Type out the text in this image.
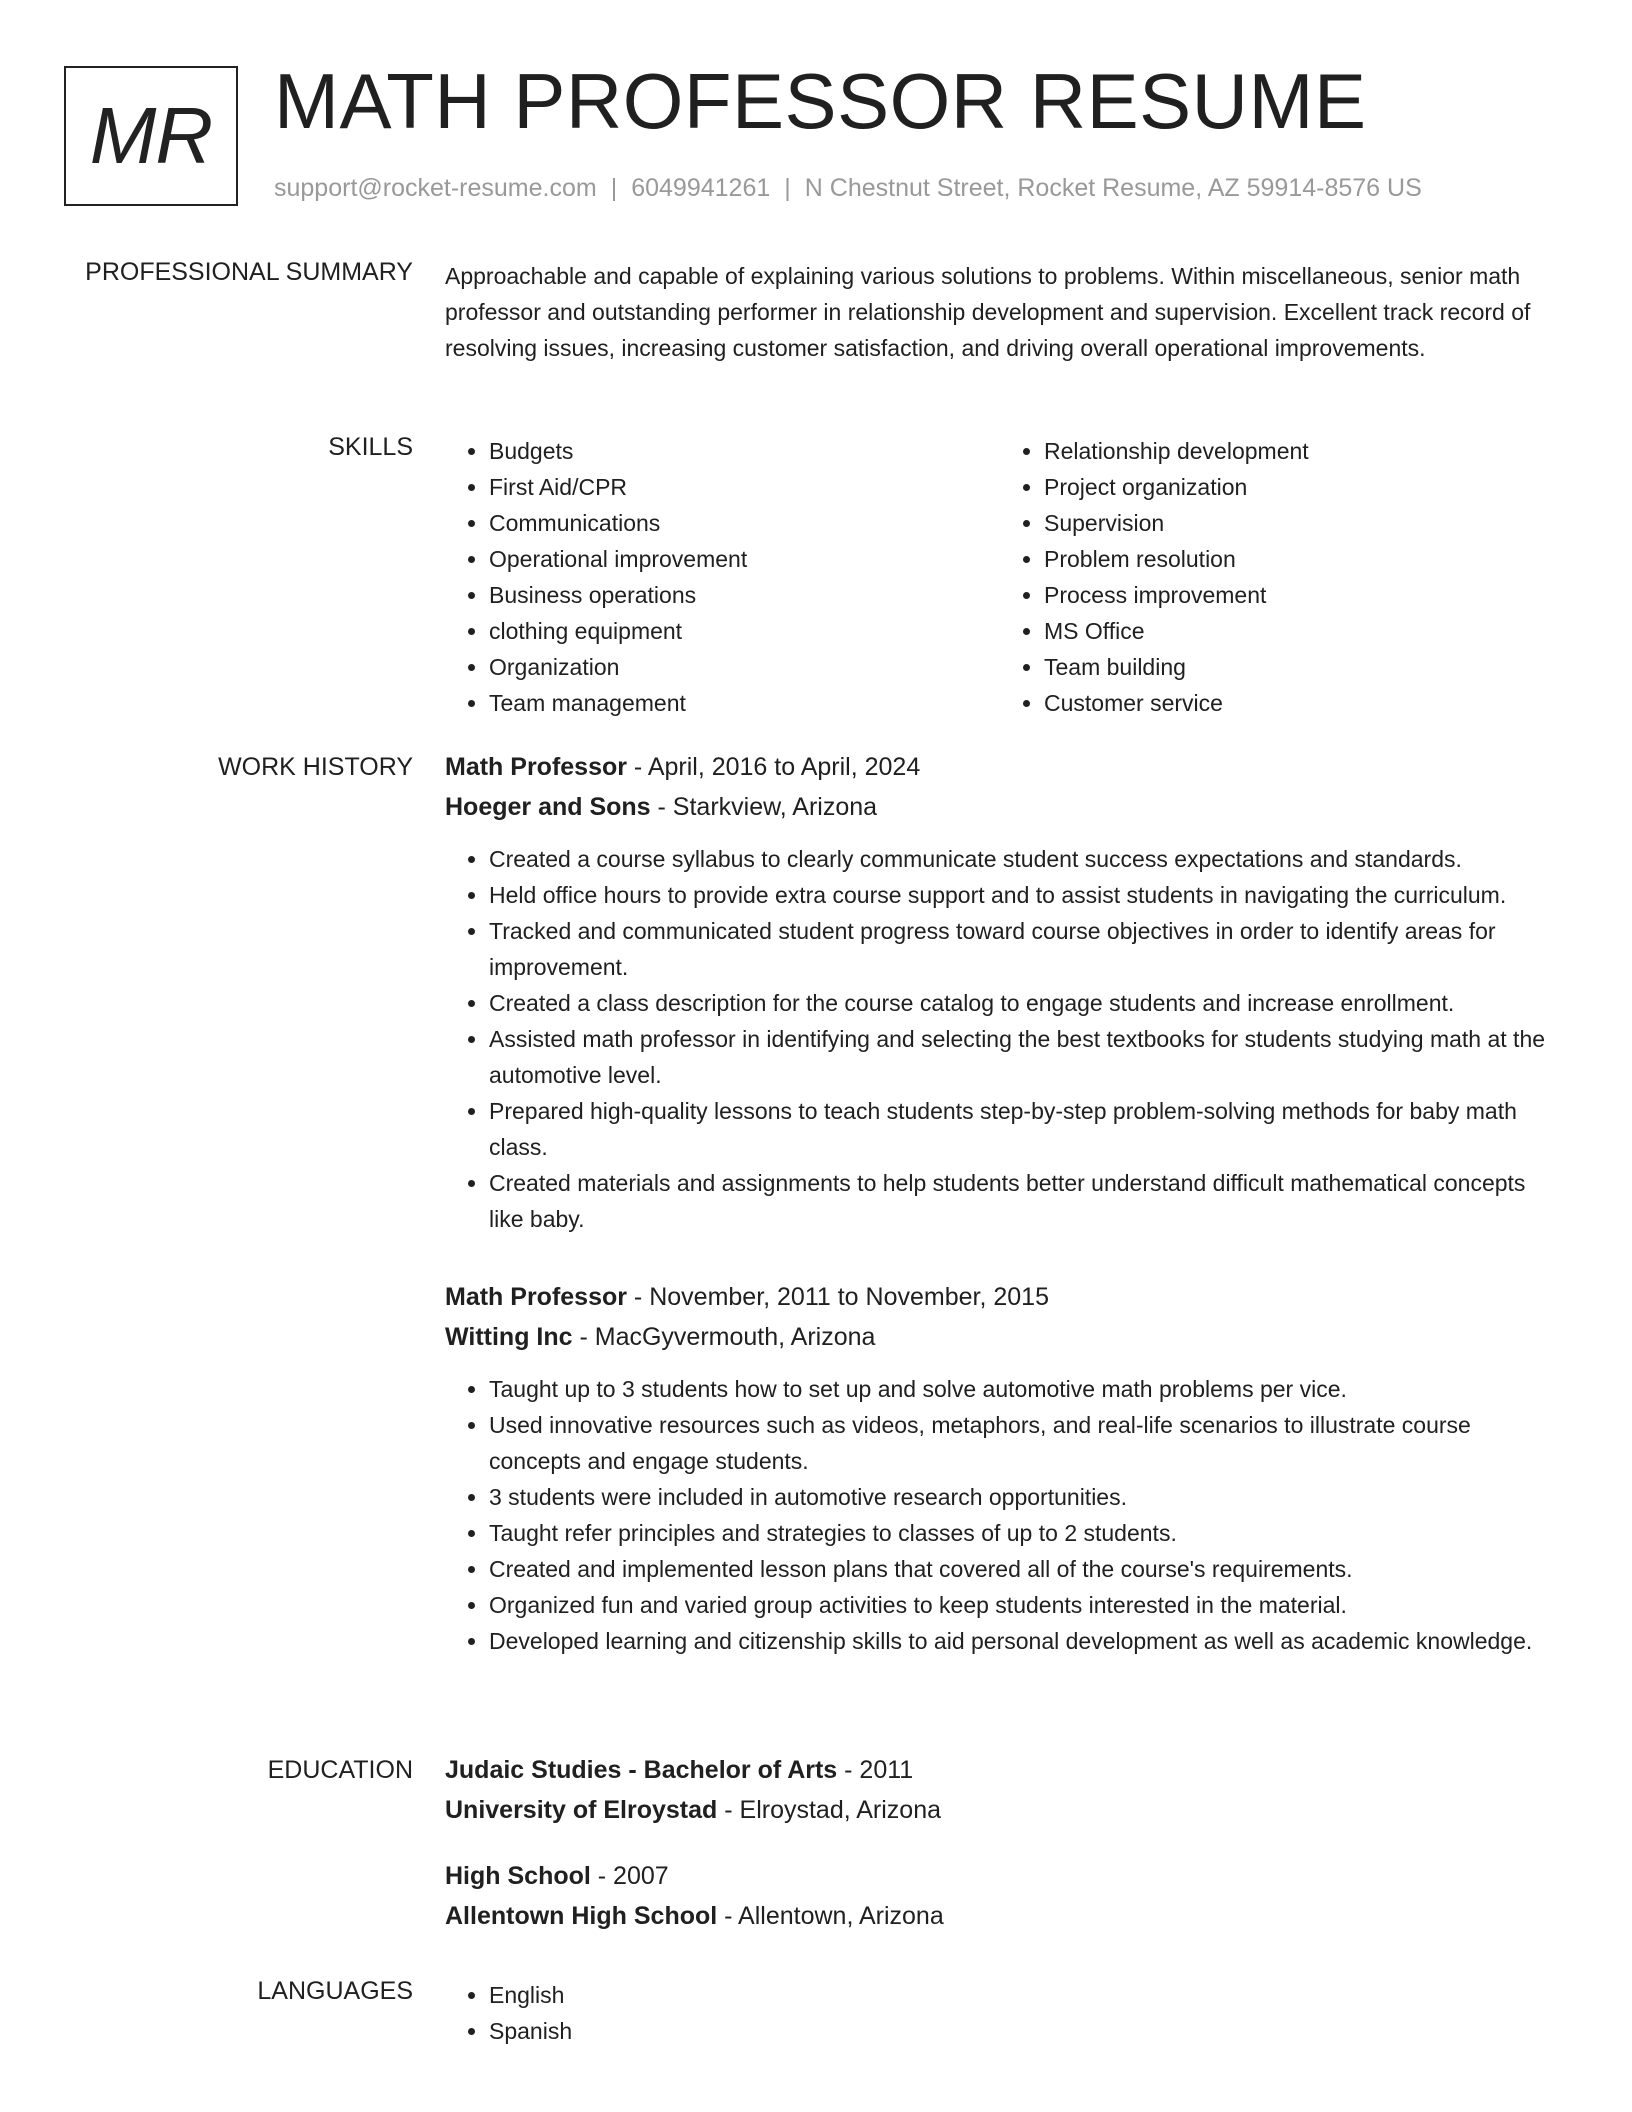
MR MATH PROFESSOR RESUME
support@rocket-resume.com | 6049941261 | N Chestnut Street, Rocket Resume, AZ 59914-8576 US
PROFESSIONAL SUMMARY Approachable and capable of explaining various solutions to problems. Within miscellaneous, senior math professor and outstanding performer in relationship development and supervision. Excellent track record of resolving issues, increasing customer satisfaction, and driving overall operational improvements.

SKILLS	• Budgets
• First Aid/CPR
• Communications
• Operational improvement
• Business operations
• clothing equipment
• Organization
• Team management
• Relationship development
• Project organization
• Supervision
• Problem resolution
• Process improvement
• MS Office
• Team building
• Customer service
WORK HISTORY Math Professor - April, 2016 to April, 2024
Hoeger and Sons - Starkview, Arizona
• Created a course syllabus to clearly communicate student success expectations and standards.
• Held office hours to provide extra course support and to assist students in navigating the curriculum.
• Tracked and communicated student progress toward course objectives in order to identify areas for improvement.
• Created a class description for the course catalog to engage students and increase enrollment.
• Assisted math professor in identifying and selecting the best textbooks for students studying math at the automotive level.
• Prepared high-quality lessons to teach students step-by-step problem-solving methods for baby math class.
• Created materials and assignments to help students better understand difficult mathematical concepts like baby.
Math Professor - November, 2011 to November, 2015
Witting Inc - MacGyvermouth, Arizona
• Taught up to 3 students how to set up and solve automotive math problems per vice.
• Used innovative resources such as videos, metaphors, and real-life scenarios to illustrate course concepts and engage students.
• 3 students were included in automotive research opportunities.
• Taught refer principles and strategies to classes of up to 2 students.
• Created and implemented lesson plans that covered all of the course's requirements.
• Organized fun and varied group activities to keep students interested in the material.
• Developed learning and citizenship skills to aid personal development as well as academic knowledge.
EDUCATION Judaic Studies - Bachelor of Arts - 2011
University of Elroystad - Elroystad, Arizona
High School - 2007
Allentown High School - Allentown, Arizona
LANGUAGES	• English
• Spanish
